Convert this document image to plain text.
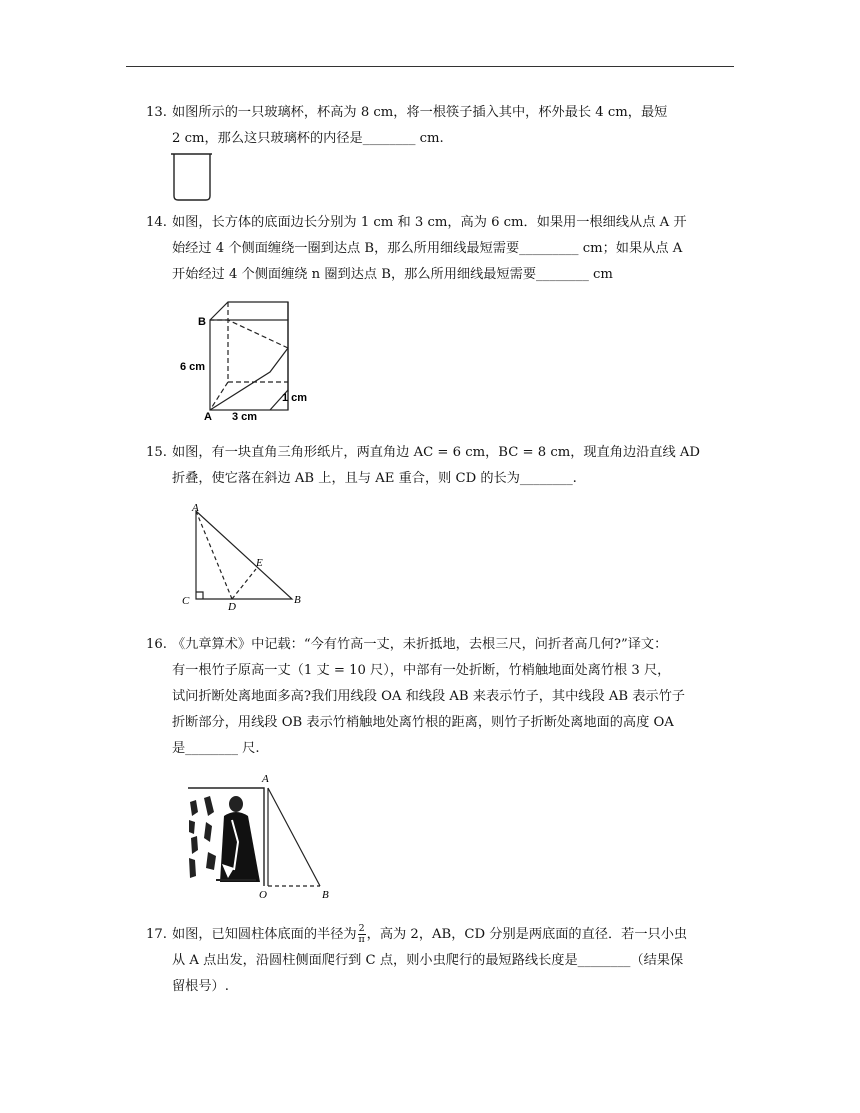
13. 如图所示的一只玻璃杯，杯高为 8 cm，将一根筷子插入其中，杯外最长 4 cm，最短
2 cm，那么这只玻璃杯的内径是________ cm.
14. 如图，长方体的底面边长分别为 1 cm 和 3 cm，高为 6 cm．如果用一根细线从点 A 开
始经过 4 个侧面缠绕一圈到达点 B，那么所用细线最短需要_________ cm；如果从点 A
开始经过 4 个侧面缠绕 n 圈到达点 B，那么所用细线最短需要________ cm
B
A
6 cm
3 cm
1 cm
15. 如图，有一块直角三角形纸片，两直角边 AC = 6 cm，BC = 8 cm，现直角边沿直线 AD
折叠，使它落在斜边 AB 上，且与 AE 重合，则 CD 的长为________.
A
C	D
E
B
16. 《九章算术》中记载：“今有竹高一丈，未折抵地，去根三尺，问折者高几何?”译文：
有一根竹子原高一丈（1 丈 = 10 尺），中部有一处折断，竹梢触地面处离竹根 3 尺，
试问折断处离地面多高?我们用线段 OA 和线段 AB 来表示竹子，其中线段 AB 表示竹子
折断部分，用线段 OB 表示竹梢触地处离竹根的距离，则竹子折断处离地面的高度 OA
是________ 尺.
A
O	B
17. 如图，已知圆柱体底面的半径为 $\frac{2}{\pi}$ ，高为 2，AB，CD 分别是两底面的直径．若一只小虫
从 A 点出发，沿圆柱侧面爬行到 C 点，则小虫爬行的最短路线长度是________（结果保
留根号）.
